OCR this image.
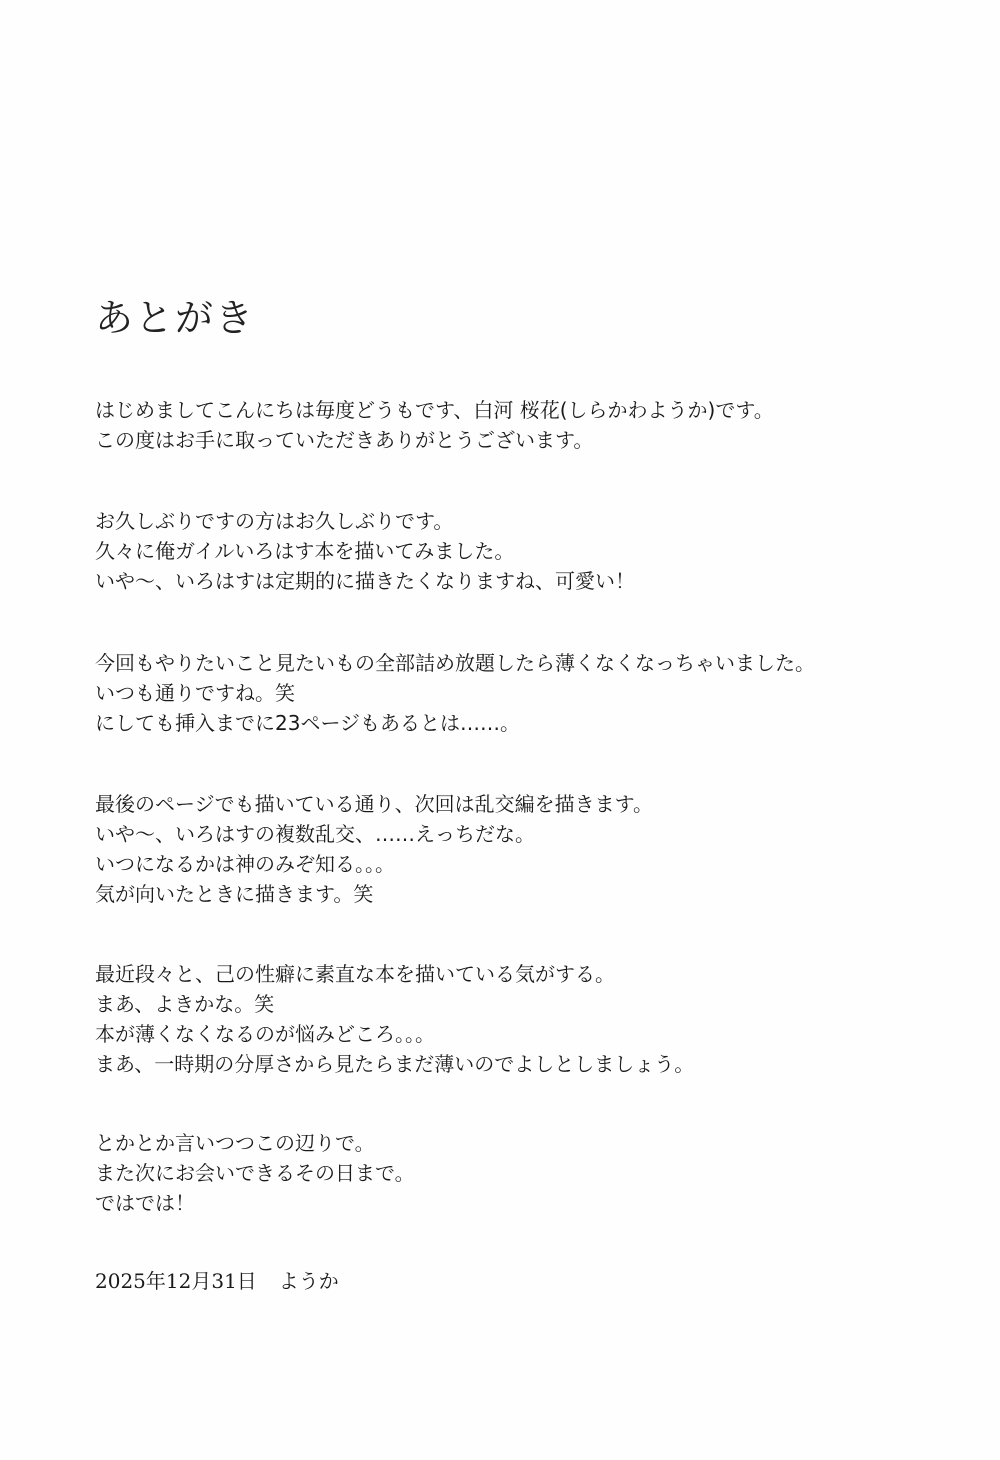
あとがき
はじめましてこんにちは毎度どうもです、白河 桜花(しらかわようか)です。
この度はお手に取っていただきありがとうございます。
お久しぶりですの方はお久しぶりです。
久々に俺ガイルいろはす本を描いてみました。
いや〜、いろはすは定期的に描きたくなりますね、可愛い！
今回もやりたいこと見たいもの全部詰め放題したら薄くなくなっちゃいました。
いつも通りですね。笑
にしても挿入までに23ページもあるとは……。
最後のページでも描いている通り、次回は乱交編を描きます。
いや〜、いろはすの複数乱交、……えっちだな。
いつになるかは神のみぞ知る。。。
気が向いたときに描きます。笑
最近段々と、己の性癖に素直な本を描いている気がする。
まあ、よきかな。笑
本が薄くなくなるのが悩みどころ。。。
まあ、一時期の分厚さから見たらまだ薄いのでよしとしましょう。
とかとか言いつつこの辺りで。
また次にお会いできるその日まで。
ではでは！
2025年12月31日 ようか
